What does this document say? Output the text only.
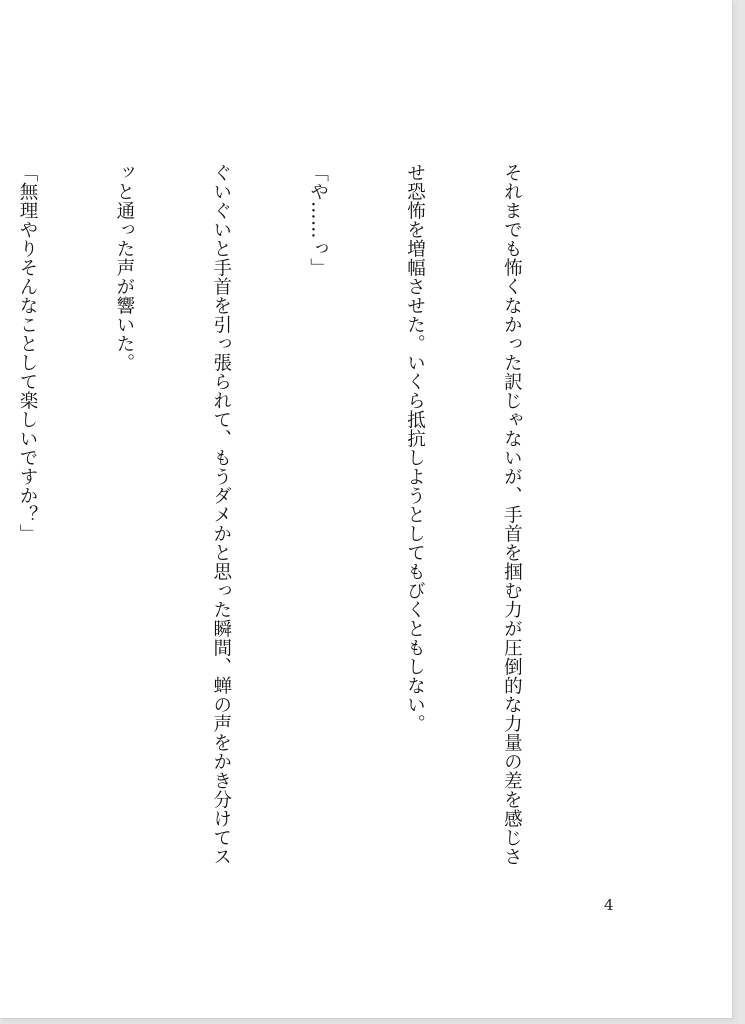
それまでも怖くなかった訳じゃないが、手首を掴む力が圧倒的な力量の差を感じさ

せ恐怖を増幅させた。いくら抵抗しようとしてもびくともしない。

「や……っ」

ぐいぐいと手首を引っ張られて、もうダメかと思った瞬間、蝉の声をかき分けてス

ッと通った声が響いた。

「無理やりそんなことして楽しいですか？」

4
